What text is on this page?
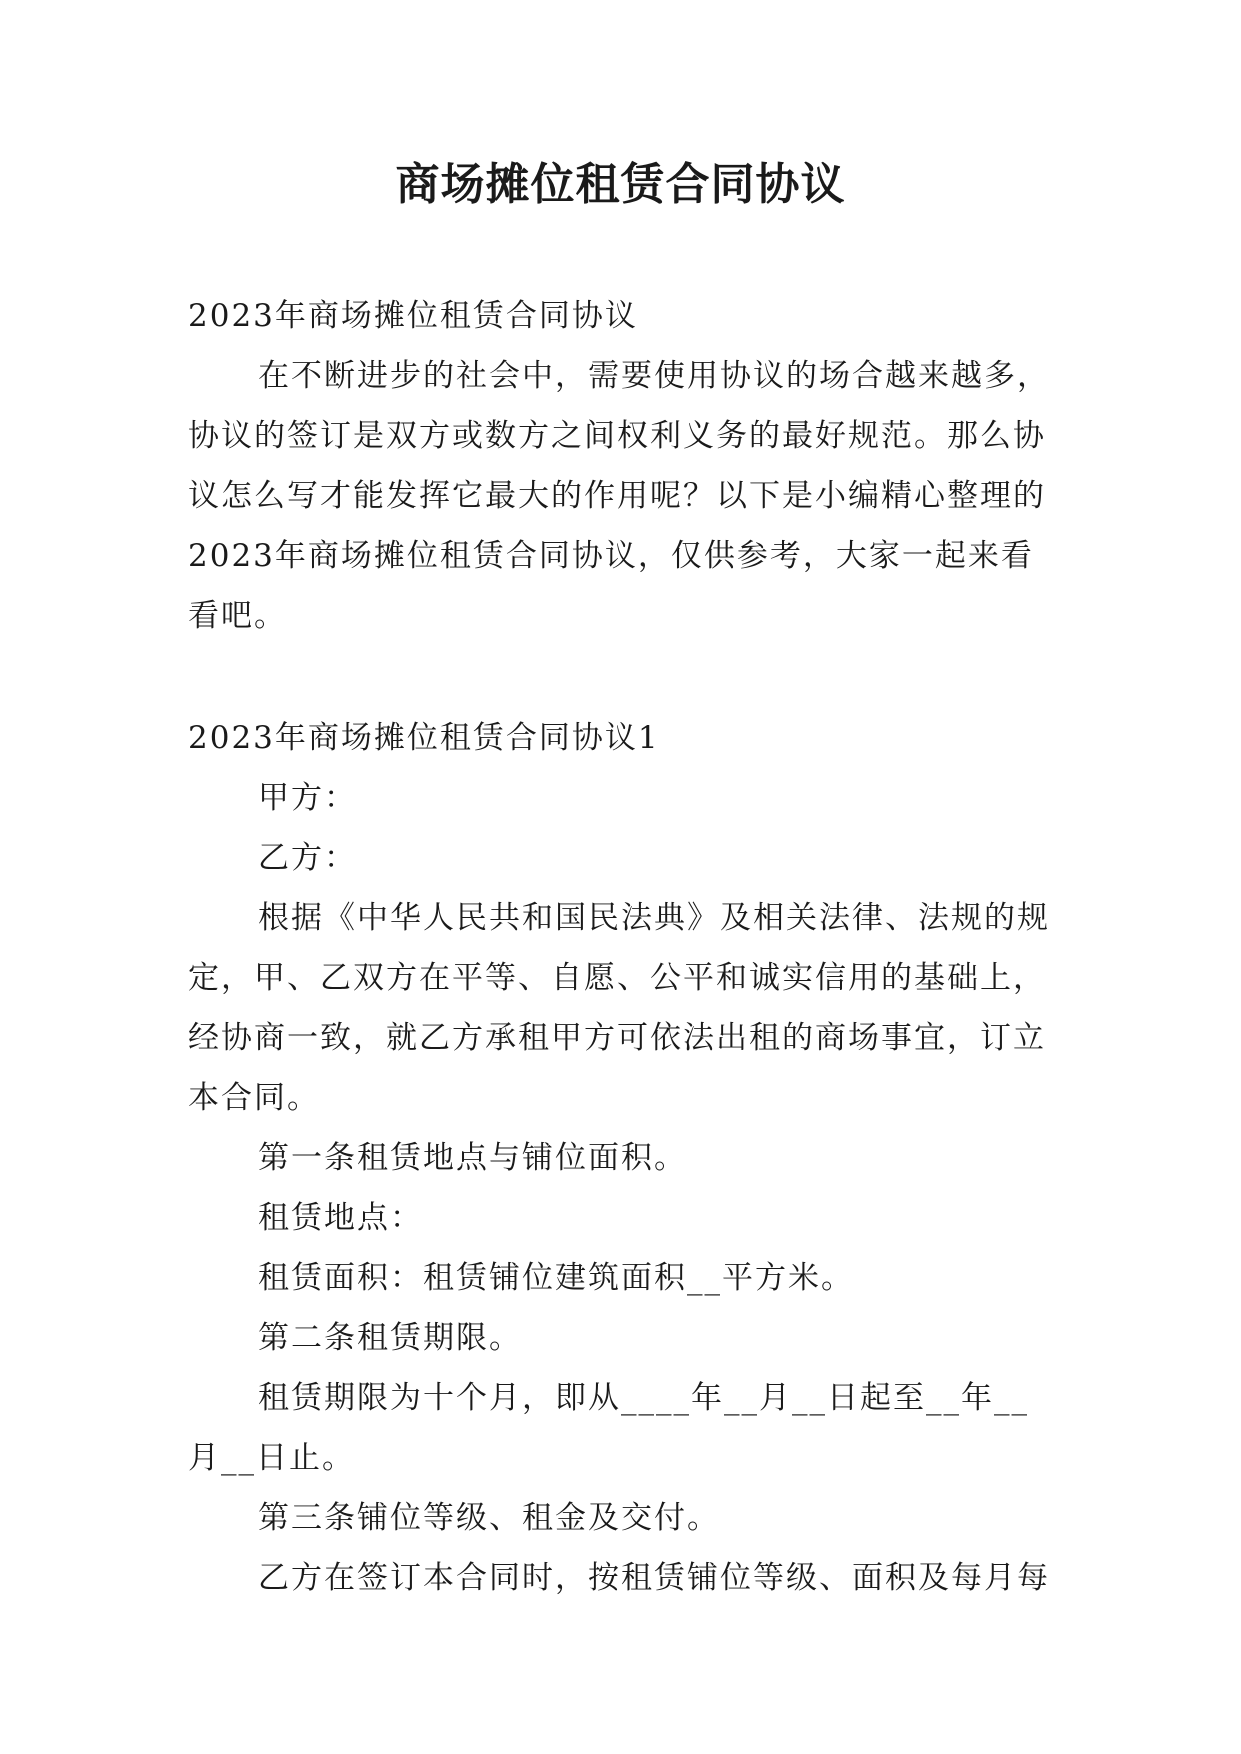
商场摊位租赁合同协议

2023年商场摊位租赁合同协议

在不断进步的社会中，需要使用协议的场合越来越多，协议的签订是双方或数方之间权利义务的最好规范。那么协议怎么写才能发挥它最大的作用呢？以下是小编精心整理的2023年商场摊位租赁合同协议，仅供参考，大家一起来看看吧。

2023年商场摊位租赁合同协议1

甲方：

乙方：

根据《中华人民共和国民法典》及相关法律、法规的规定，甲、乙双方在平等、自愿、公平和诚实信用的基础上，经协商一致，就乙方承租甲方可依法出租的商场事宜，订立本合同。

第一条租赁地点与铺位面积。

租赁地点：

租赁面积：租赁铺位建筑面积__平方米。

第二条租赁期限。

租赁期限为十个月，即从____年__月__日起至__年__月__日止。

第三条铺位等级、租金及交付。

乙方在签订本合同时，按租赁铺位等级、面积及每月每
